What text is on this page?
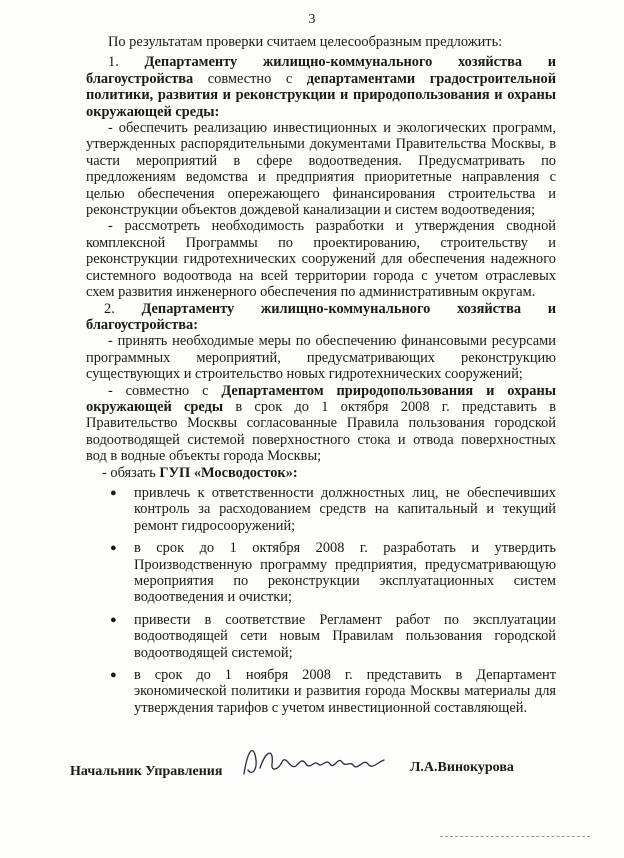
3

По результатам проверки считаем целесообразным предложить:

1. Департаменту жилищно-коммунального хозяйства и благоустройства совместно с департаментами градостроительной политики, развития и реконструкции и природопользования и охраны окружающей среды:

- обеспечить реализацию инвестиционных и экологических программ, утвержденных распорядительными документами Правительства Москвы, в части мероприятий в сфере водоотведения. Предусматривать по предложениям ведомства и предприятия приоритетные направления с целью обеспечения опережающего финансирования строительства и реконструкции объектов дождевой канализации и систем водоотведения;

- рассмотреть необходимость разработки и утверждения сводной комплексной Программы по проектированию, строительству и реконструкции гидротехнических сооружений для обеспечения надежного системного водоотвода на всей территории города с учетом отраслевых схем развития инженерного обеспечения по административным округам.

2. Департаменту жилищно-коммунального хозяйства и благоустройства:

- принять необходимые меры по обеспечению финансовыми ресурсами программных мероприятий, предусматривающих реконструкцию существующих и строительство новых гидротехнических сооружений;

- совместно с Департаментом природопользования и охраны окружающей среды в срок до 1 октября 2008 г. представить в Правительство Москвы согласованные Правила пользования городской водоотводящей системой поверхностного стока и отвода поверхностных вод в водные объекты города Москвы;

- обязать ГУП «Мосводосток»:

● привлечь к ответственности должностных лиц, не обеспечивших контроль за расходованием средств на капитальный и текущий ремонт гидросооружений;
● в срок до 1 октября 2008 г. разработать и утвердить Производственную программу предприятия, предусматривающую мероприятия по реконструкции эксплуатационных систем водоотведения и очистки;
● привести в соответствие Регламент работ по эксплуатации водоотводящей сети новым Правилам пользования городской водоотводящей системой;
● в срок до 1 ноября 2008 г. представить в Департамент экономической политики и развития города Москвы материалы для утверждения тарифов с учетом инвестиционной составляющей.
Начальник Управления	Л.А.Винокурова
